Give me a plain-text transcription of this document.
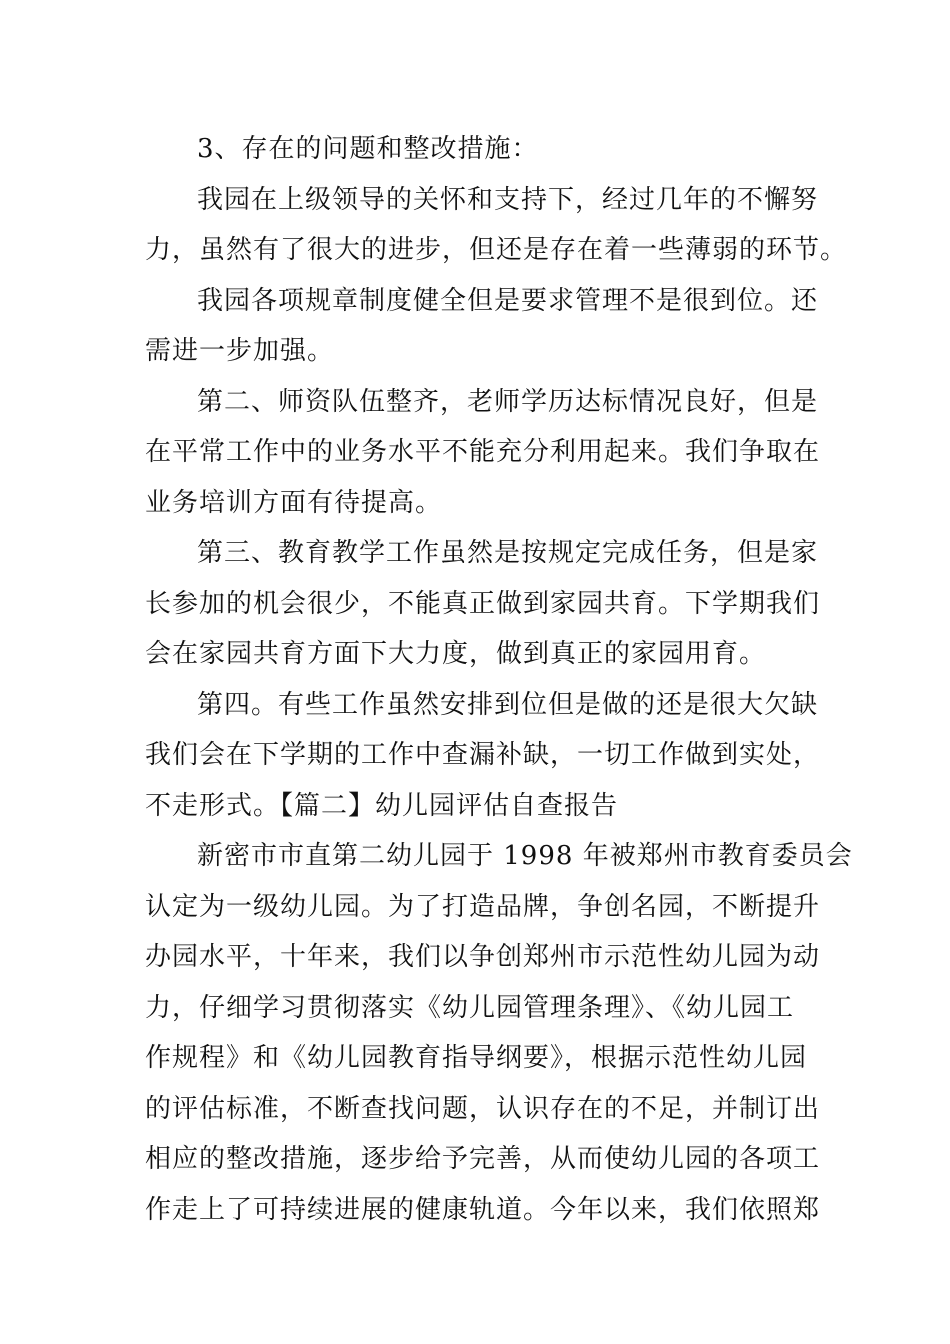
3、存在的问题和整改措施：
我园在上级领导的关怀和支持下，经过几年的不懈努
力，虽然有了很大的进步，但还是存在着一些薄弱的环节。
我园各项规章制度健全但是要求管理不是很到位。还
需进一步加强。
第二、师资队伍整齐，老师学历达标情况良好，但是
在平常工作中的业务水平不能充分利用起来。我们争取在
业务培训方面有待提高。
第三、教育教学工作虽然是按规定完成任务，但是家
长参加的机会很少，不能真正做到家园共育。下学期我们
会在家园共育方面下大力度，做到真正的家园用育。
第四。有些工作虽然安排到位但是做的还是很大欠缺
我们会在下学期的工作中查漏补缺，一切工作做到实处，
不走形式。【篇二】幼儿园评估自查报告
新密市市直第二幼儿园于 1998 年被郑州市教育委员会
认定为一级幼儿园。为了打造品牌，争创名园，不断提升
办园水平，十年来，我们以争创郑州市示范性幼儿园为动
力，仔细学习贯彻落实《幼儿园管理条理》、《幼儿园工
作规程》和《幼儿园教育指导纲要》，根据示范性幼儿园
的评估标准，不断查找问题，认识存在的不足，并制订出
相应的整改措施，逐步给予完善，从而使幼儿园的各项工
作走上了可持续进展的健康轨道。今年以来，我们依照郑
